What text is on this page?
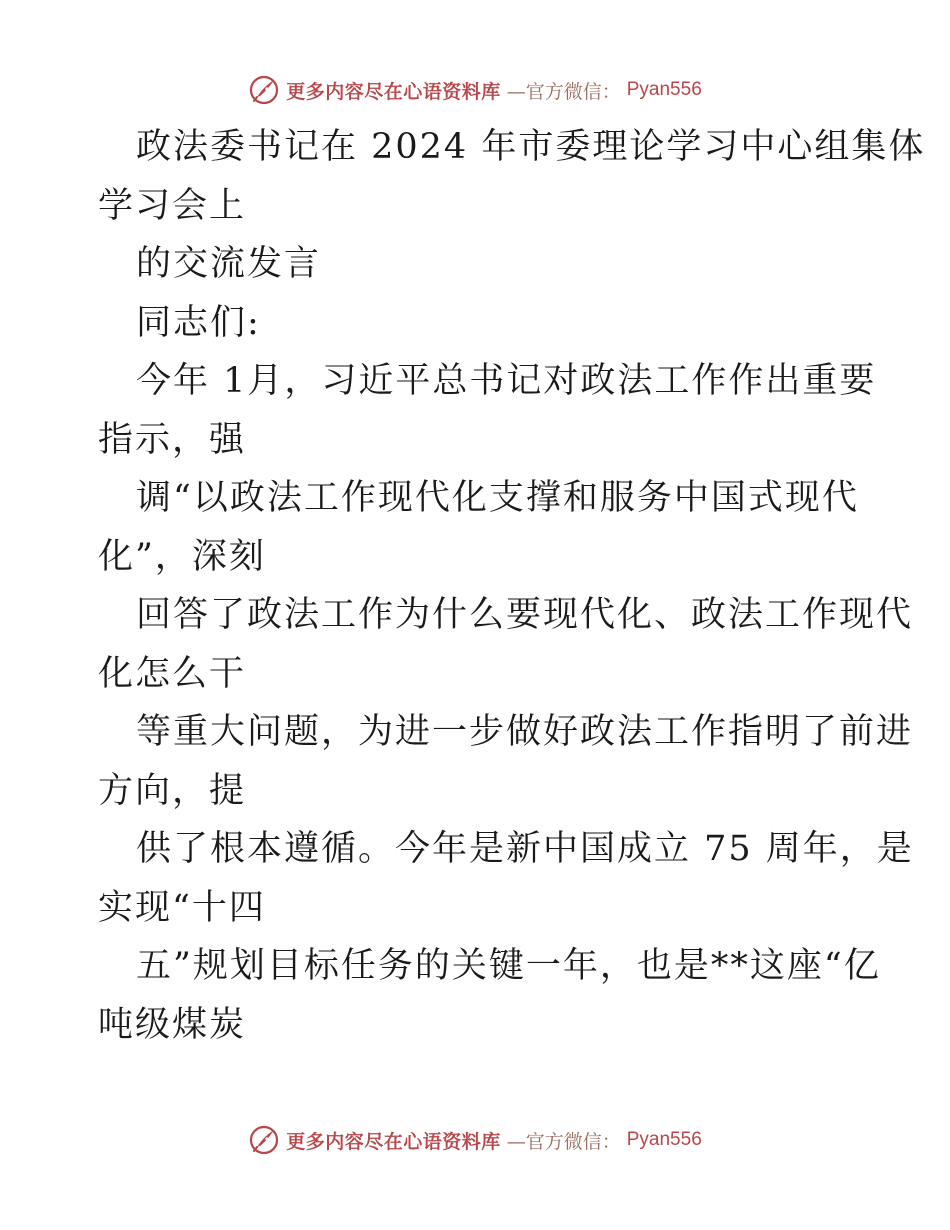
更多内容尽在心语资料库 —官方微信： Pyan556
政法委书记在 2024 年市委理论学习中心组集体
学习会上
的交流发言
同志们:
今年 1月，习近平总书记对政法工作作出重要
指示，强
调“以政法工作现代化支撑和服务中国式现代
化”，深刻
回答了政法工作为什么要现代化、政法工作现代
化怎么干
等重大问题，为进一步做好政法工作指明了前进
方向，提
供了根本遵循。今年是新中国成立 75 周年，是
实现“十四
五”规划目标任务的关键一年，也是**这座“亿
吨级煤炭
更多内容尽在心语资料库 —官方微信： Pyan556
